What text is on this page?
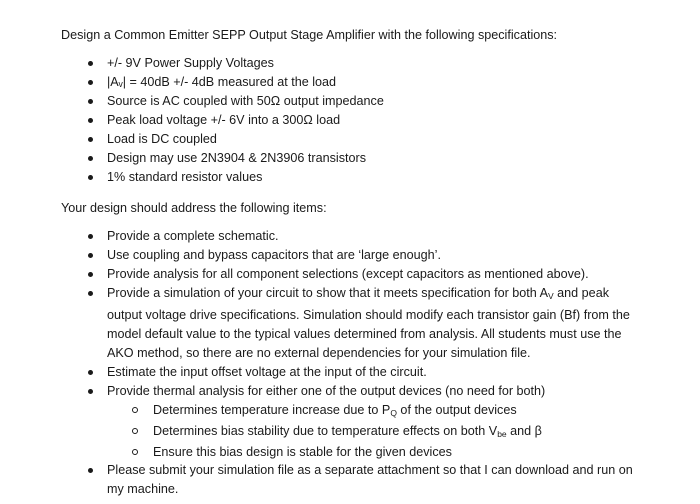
Design a Common Emitter SEPP Output Stage Amplifier with the following specifications:

+/- 9V Power Supply Voltages
|Aᵥ| = 40dB +/- 4dB measured at the load
Source is AC coupled with 50Ω output impedance
Peak load voltage +/- 6V into a 300Ω load
Load is DC coupled
Design may use 2N3904 & 2N3906 transistors
1% standard resistor values

Your design should address the following items:

Provide a complete schematic.
Use coupling and bypass capacitors that are ‘large enough’.
Provide analysis for all component selections (except capacitors as mentioned above).
Provide a simulation of your circuit to show that it meets specification for both $A_V$ and peak output voltage drive specifications. Simulation should modify each transistor gain (Bf) from the model default value to the typical values determined from analysis. All students must use the AKO method, so there are no external dependencies for your simulation file.
Estimate the input offset voltage at the input of the circuit.
Provide thermal analysis for either one of the output devices (no need for both)
Determines temperature increase due to $P_Q$ of the output devices
Determines bias stability due to temperature effects on both $V_{be}$ and β
Ensure this bias design is stable for the given devices
Please submit your simulation file as a separate attachment so that I can download and run on my machine.
